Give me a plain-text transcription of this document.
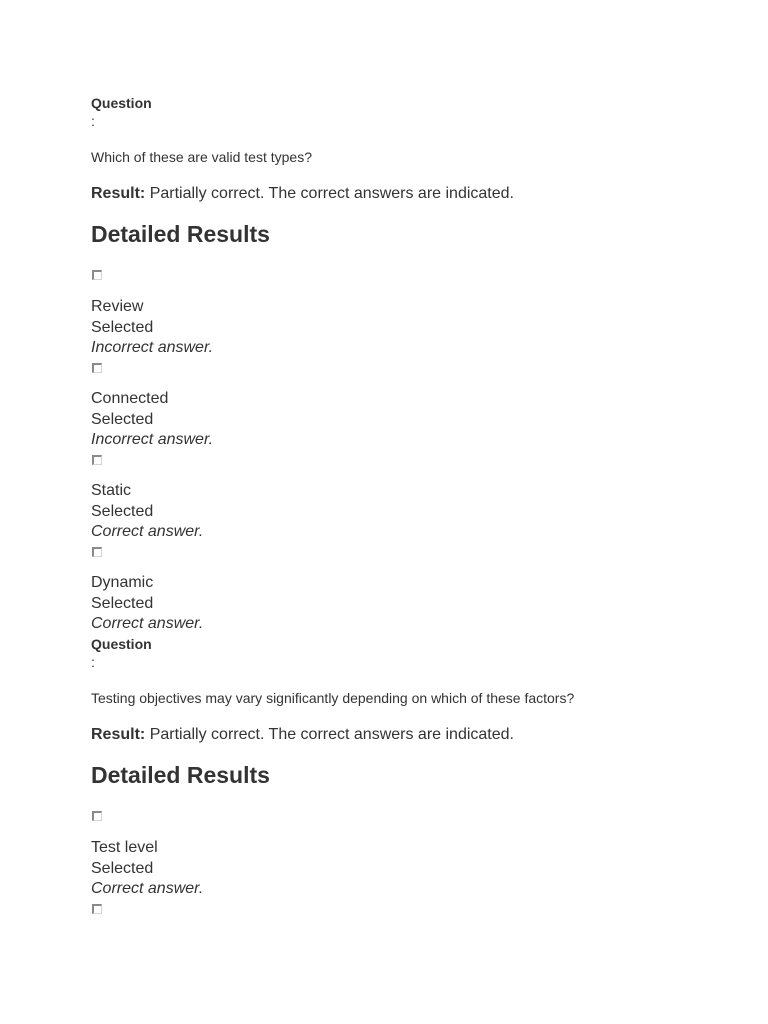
Question

:

Which of these are valid test types?

Result: Partially correct. The correct answers are indicated.

Detailed Results

Review

Selected

Incorrect answer.

Connected

Selected

Incorrect answer.

Static

Selected

Correct answer.

Dynamic

Selected

Correct answer.

Question

:

Testing objectives may vary significantly depending on which of these factors?

Result: Partially correct. The correct answers are indicated.

Detailed Results

Test level

Selected

Correct answer.
